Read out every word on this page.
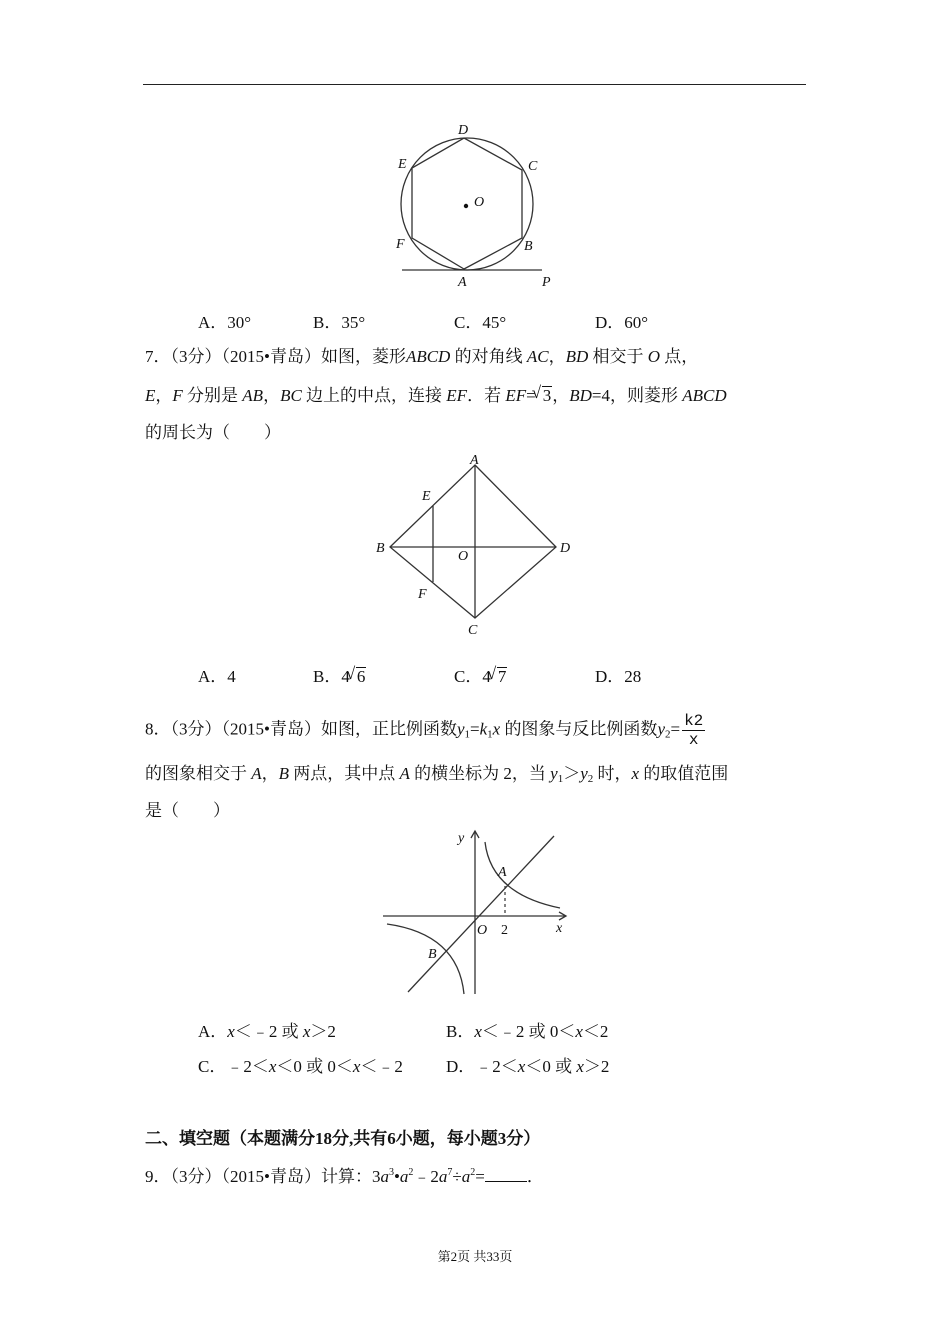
D
E	C
O
F	B
A	P
A．30°	B．35°	C．45°	D．60°
7．（3分）（2015•青岛）如图，菱形ABCD 的对角线 AC，BD 相交于 O 点，
E，F 分别是 AB，BC 边上的中点，连接 EF．若 EF= √ 3，BD=4，则菱形 ABCD
的周长为（　　）
A
E
B
O
D
F
C
A．4	B．4 √ 6	C．4 √ 7	D．28
8．（3分）（2015•青岛）如图，正比例函数$y_1=k_1x$ 的图象与反比例函数$y_2= \frac{k2}{x}$
的图象相交于 A，B 两点，其中点 A 的横坐标为 2，当 $y_1>y_2$ 时，x 的取值范围
是（　　）
y
A
O 2	x
B
A．x＜﹣2 或 x＞2	B．x＜﹣2 或 0＜x＜2
C．﹣2＜x＜0 或 0＜x＜﹣2	D．﹣2＜x＜0 或 x＞2
二、填空题（本题满分18分,共有6小题，每小题3分）
9．（3分）（2015•青岛）计算：$3a^3•a^2﹣2a^7\div a^2=$ ．
第2页 共33页
